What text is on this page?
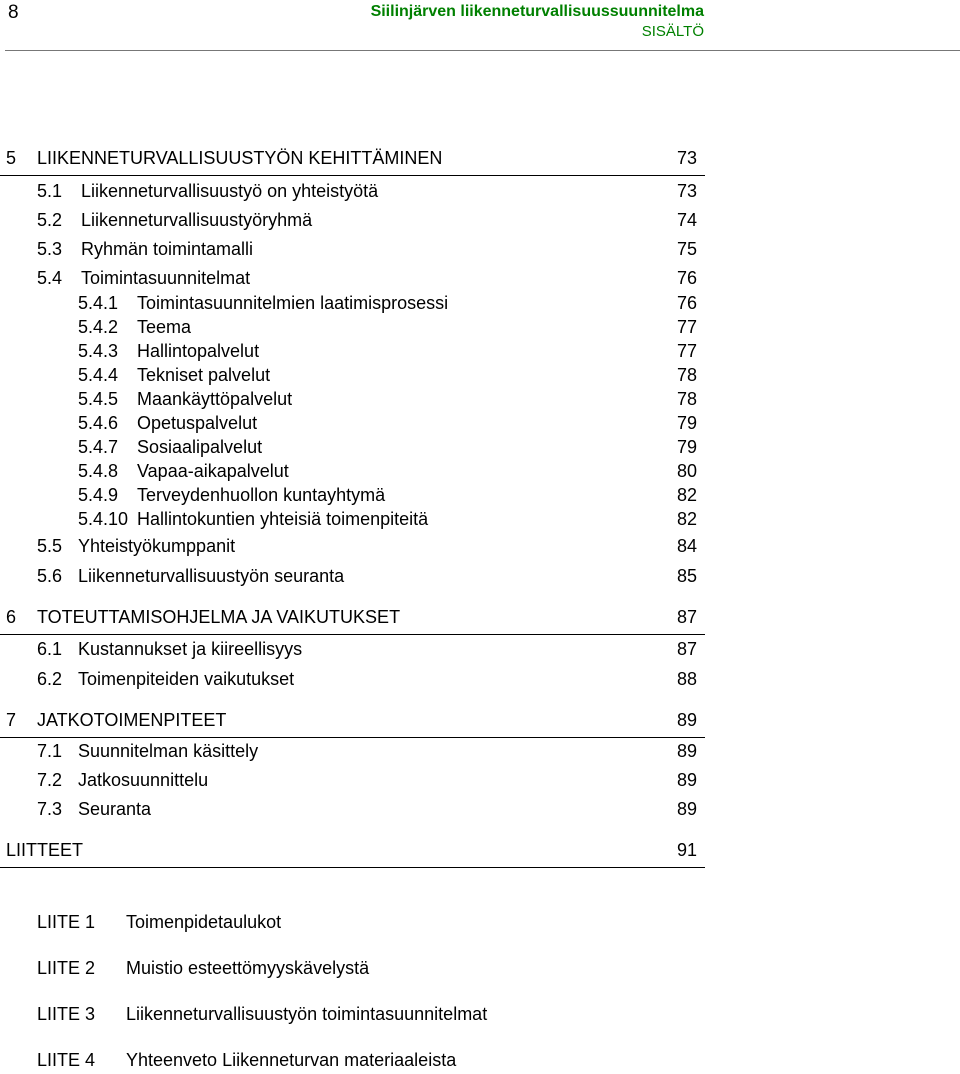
8	Siilinjärven liikenneturvallisuussuunnitelma
SISÄLTÖ
5 LIIKENNETURVALLISUUSTYÖN KEHITTÄMINEN	73
5.1 Liikenneturvallisuustyö on yhteistyötä	73
5.2 Liikenneturvallisuustyöryhmä	74
5.3 Ryhmän toimintamalli	75
5.4 Toimintasuunnitelmat	76
5.4.1 Toimintasuunnitelmien laatimisprosessi	76
5.4.2 Teema	77
5.4.3 Hallintopalvelut	77
5.4.4 Tekniset palvelut	78
5.4.5 Maankäyttöpalvelut	78
5.4.6 Opetuspalvelut	79
5.4.7 Sosiaalipalvelut	79
5.4.8 Vapaa-aikapalvelut	80
5.4.9 Terveydenhuollon kuntayhtymä	82
5.4.10 Hallintokuntien yhteisiä toimenpiteitä	82
5.5 Yhteistyökumppanit	84
5.6 Liikenneturvallisuustyön seuranta	85
6 TOTEUTTAMISOHJELMA JA VAIKUTUKSET	87
6.1 Kustannukset ja kiireellisyys	87
6.2 Toimenpiteiden vaikutukset	88
7 JATKOTOIMENPITEET	89
7.1 Suunnitelman käsittely	89
7.2 Jatkosuunnittelu	89
7.3 Seuranta	89
LIITTEET	91
LIITE 1 Toimenpidetaulukot
LIITE 2 Muistio esteettömyyskävelystä
LIITE 3 Liikenneturvallisuustyön toimintasuunnitelmat
LIITE 4 Yhteenveto Liikenneturvan materiaaleista
